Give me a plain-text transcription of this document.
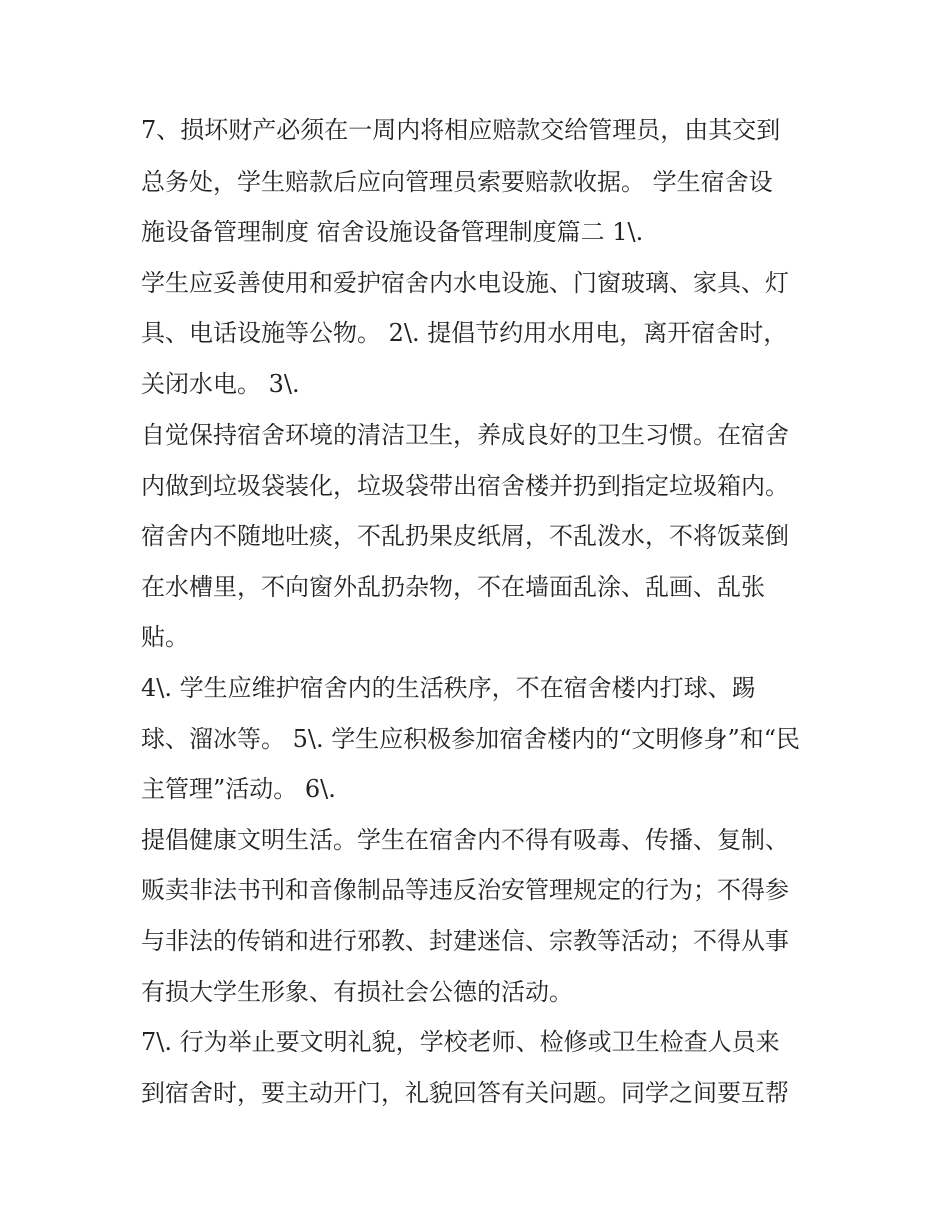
7、损坏财产必须在一周内将相应赔款交给管理员，由其交到
总务处，学生赔款后应向管理员索要赔款收据。 学生宿舍设
施设备管理制度 宿舍设施设备管理制度篇二 1\.
学生应妥善使用和爱护宿舍内水电设施、门窗玻璃、家具、灯
具、电话设施等公物。 2\. 提倡节约用水用电，离开宿舍时，
关闭水电。 3\.
自觉保持宿舍环境的清洁卫生，养成良好的卫生习惯。在宿舍
内做到垃圾袋装化，垃圾袋带出宿舍楼并扔到指定垃圾箱内。
宿舍内不随地吐痰，不乱扔果皮纸屑，不乱泼水，不将饭菜倒
在水槽里，不向窗外乱扔杂物，不在墙面乱涂、乱画、乱张
贴。
4\. 学生应维护宿舍内的生活秩序，不在宿舍楼内打球、踢
球、溜冰等。 5\. 学生应积极参加宿舍楼内的“文明修身”和“民
主管理”活动。 6\.
提倡健康文明生活。学生在宿舍内不得有吸毒、传播、复制、
贩卖非法书刊和音像制品等违反治安管理规定的行为；不得参
与非法的传销和进行邪教、封建迷信、宗教等活动；不得从事
有损大学生形象、有损社会公德的活动。
7\. 行为举止要文明礼貌，学校老师、检修或卫生检查人员来
到宿舍时，要主动开门，礼貌回答有关问题。同学之间要互帮
